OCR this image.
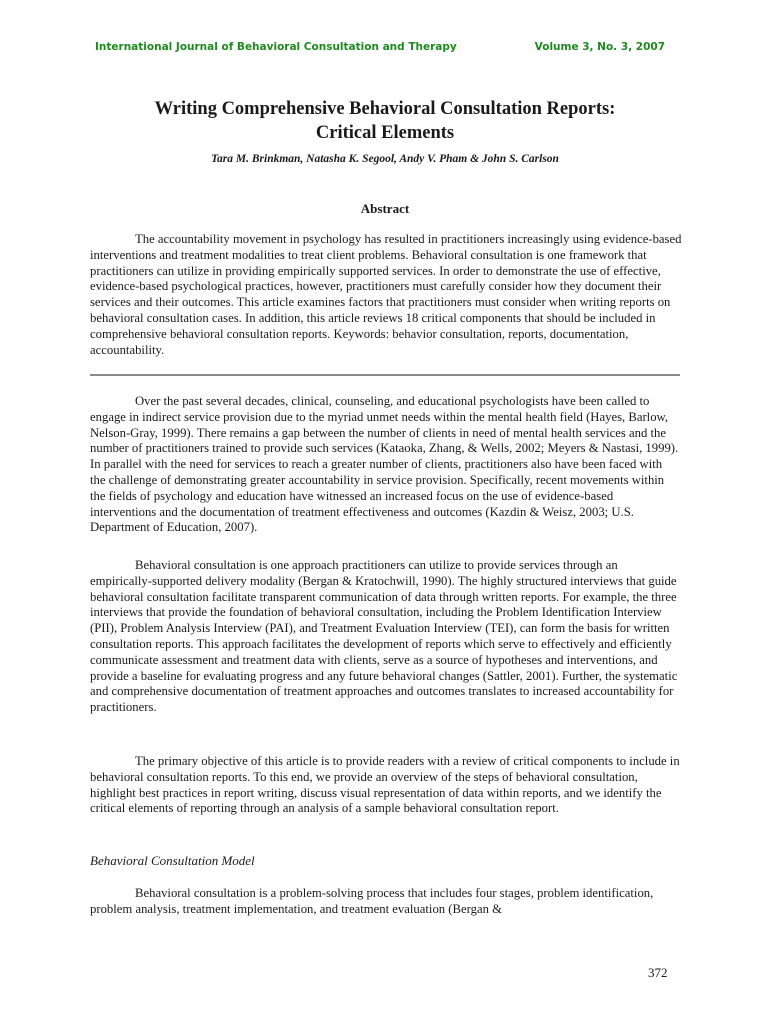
International Journal of Behavioral Consultation and Therapy	Volume 3, No. 3, 2007
Writing Comprehensive Behavioral Consultation Reports:
Critical Elements
Tara M. Brinkman, Natasha K. Segool, Andy V. Pham & John S. Carlson
Abstract

The accountability movement in psychology has resulted in practitioners increasingly using evidence-based interventions and treatment modalities to treat client problems. Behavioral consultation is one framework that practitioners can utilize in providing empirically supported services. In order to demonstrate the use of effective, evidence-based psychological practices, however, practitioners must carefully consider how they document their services and their outcomes. This article examines factors that practitioners must consider when writing reports on behavioral consultation cases. In addition, this article reviews 18 critical components that should be included in comprehensive behavioral consultation reports. Keywords: behavior consultation, reports, documentation, accountability.

Over the past several decades, clinical, counseling, and educational psychologists have been called to engage in indirect service provision due to the myriad unmet needs within the mental health field (Hayes, Barlow, Nelson-Gray, 1999). There remains a gap between the number of clients in need of mental health services and the number of practitioners trained to provide such services (Kataoka, Zhang, & Wells, 2002; Meyers & Nastasi, 1999). In parallel with the need for services to reach a greater number of clients, practitioners also have been faced with the challenge of demonstrating greater accountability in service provision. Specifically, recent movements within the fields of psychology and education have witnessed an increased focus on the use of evidence-based interventions and the documentation of treatment effectiveness and outcomes (Kazdin & Weisz, 2003; U.S. Department of Education, 2007).

Behavioral consultation is one approach practitioners can utilize to provide services through an empirically-supported delivery modality (Bergan & Kratochwill, 1990). The highly structured interviews that guide behavioral consultation facilitate transparent communication of data through written reports. For example, the three interviews that provide the foundation of behavioral consultation, including the Problem Identification Interview (PII), Problem Analysis Interview (PAI), and Treatment Evaluation Interview (TEI), can form the basis for written consultation reports. This approach facilitates the development of reports which serve to effectively and efficiently communicate assessment and treatment data with clients, serve as a source of hypotheses and interventions, and provide a baseline for evaluating progress and any future behavioral changes (Sattler, 2001). Further, the systematic and comprehensive documentation of treatment approaches and outcomes translates to increased accountability for practitioners.

The primary objective of this article is to provide readers with a review of critical components to include in behavioral consultation reports. To this end, we provide an overview of the steps of behavioral consultation, highlight best practices in report writing, discuss visual representation of data within reports, and we identify the critical elements of reporting through an analysis of a sample behavioral consultation report.

Behavioral Consultation Model

Behavioral consultation is a problem-solving process that includes four stages, problem identification, problem analysis, treatment implementation, and treatment evaluation (Bergan &

372
